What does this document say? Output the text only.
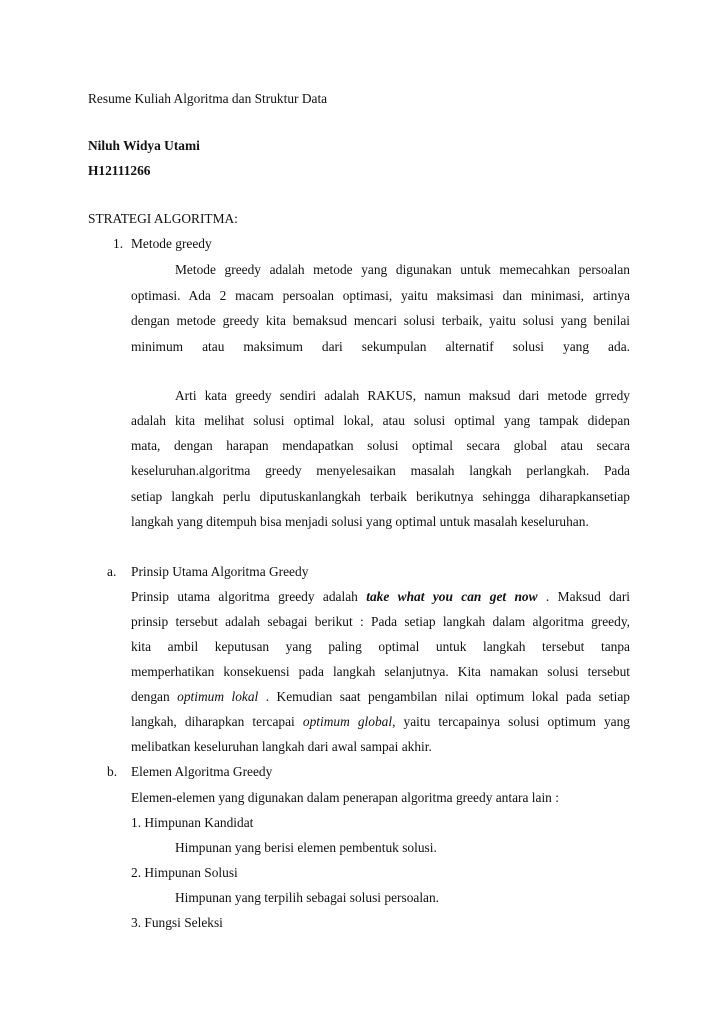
Resume Kuliah Algoritma dan Struktur Data
Niluh Widya Utami
H12111266
STRATEGI ALGORITMA:
1. Metode greedy
Metode greedy adalah metode yang digunakan untuk memecahkan persoalan
optimasi. Ada 2 macam persoalan optimasi, yaitu maksimasi dan minimasi, artinya
dengan metode greedy kita bemaksud mencari solusi terbaik, yaitu solusi yang benilai
minimum atau maksimum dari sekumpulan alternatif solusi yang ada.
Arti kata greedy sendiri adalah RAKUS, namun maksud dari metode grredy
adalah kita melihat solusi optimal lokal, atau solusi optimal yang tampak didepan
mata, dengan harapan mendapatkan solusi optimal secara global atau secara
keseluruhan.algoritma greedy menyelesaikan masalah langkah perlangkah. Pada
setiap langkah perlu diputuskanlangkah terbaik berikutnya sehingga diharapkansetiap
langkah yang ditempuh bisa menjadi solusi yang optimal untuk masalah keseluruhan.
a. Prinsip Utama Algoritma Greedy
Prinsip utama algoritma greedy adalah take what you can get now . Maksud dari
prinsip tersebut adalah sebagai berikut : Pada setiap langkah dalam algoritma greedy,
kita ambil keputusan yang paling optimal untuk langkah tersebut tanpa
memperhatikan konsekuensi pada langkah selanjutnya. Kita namakan solusi tersebut
dengan optimum lokal . Kemudian saat pengambilan nilai optimum lokal pada setiap
langkah, diharapkan tercapai optimum global, yaitu tercapainya solusi optimum yang
melibatkan keseluruhan langkah dari awal sampai akhir.
b. Elemen Algoritma Greedy
Elemen-elemen yang digunakan dalam penerapan algoritma greedy antara lain :
1. Himpunan Kandidat
Himpunan yang berisi elemen pembentuk solusi.
2. Himpunan Solusi
Himpunan yang terpilih sebagai solusi persoalan.
3. Fungsi Seleksi
